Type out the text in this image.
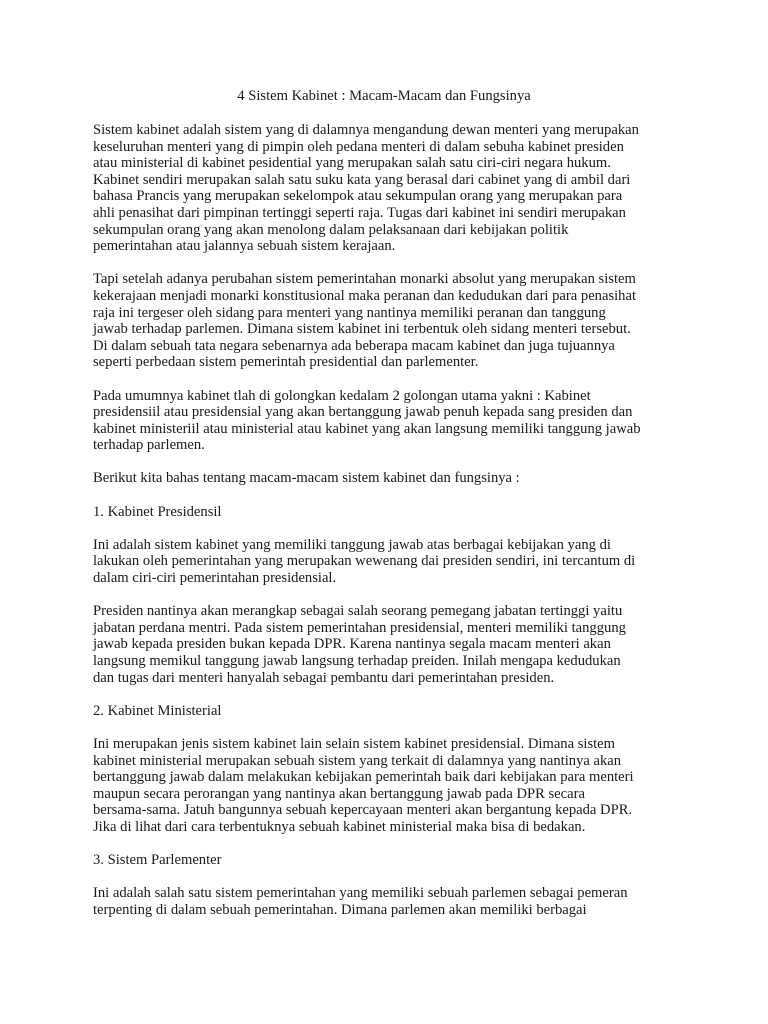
4 Sistem Kabinet : Macam-Macam dan Fungsinya

Sistem kabinet adalah sistem yang di dalamnya mengandung dewan menteri yang merupakan
keseluruhan menteri yang di pimpin oleh pedana menteri di dalam sebuha kabinet presiden
atau ministerial di kabinet pesidential yang merupakan salah satu ciri-ciri negara hukum.
Kabinet sendiri merupakan salah satu suku kata yang berasal dari cabinet yang di ambil dari
bahasa Prancis yang merupakan sekelompok atau sekumpulan orang yang merupakan para
ahli penasihat dari pimpinan tertinggi seperti raja. Tugas dari kabinet ini sendiri merupakan
sekumpulan orang yang akan menolong dalam pelaksanaan dari kebijakan politik
pemerintahan atau jalannya sebuah sistem kerajaan.

Tapi setelah adanya perubahan sistem pemerintahan monarki absolut yang merupakan sistem
kekerajaan menjadi monarki konstitusional maka peranan dan kedudukan dari para penasihat
raja ini tergeser oleh sidang para menteri yang nantinya memiliki peranan dan tanggung
jawab terhadap parlemen. Dimana sistem kabinet ini terbentuk oleh sidang menteri tersebut.
Di dalam sebuah tata negara sebenarnya ada beberapa macam kabinet dan juga tujuannya
seperti perbedaan sistem pemerintah presidential dan parlementer.

Pada umumnya kabinet tlah di golongkan kedalam 2 golongan utama yakni : Kabinet
presidensiil atau presidensial yang akan bertanggung jawab penuh kepada sang presiden dan
kabinet ministeriil atau ministerial atau kabinet yang akan langsung memiliki tanggung jawab
terhadap parlemen.

Berikut kita bahas tentang macam-macam sistem kabinet dan fungsinya :

1. Kabinet Presidensil

Ini adalah sistem kabinet yang memiliki tanggung jawab atas berbagai kebijakan yang di
lakukan oleh pemerintahan yang merupakan wewenang dai presiden sendiri, ini tercantum di
dalam ciri-ciri pemerintahan presidensial.

Presiden nantinya akan merangkap sebagai salah seorang pemegang jabatan tertinggi yaitu
jabatan perdana mentri. Pada sistem pemerintahan presidensial, menteri memiliki tanggung
jawab kepada presiden bukan kepada DPR. Karena nantinya segala macam menteri akan
langsung memikul tanggung jawab langsung terhadap preiden. Inilah mengapa kedudukan
dan tugas dari menteri hanyalah sebagai pembantu dari pemerintahan presiden.

2. Kabinet Ministerial

Ini merupakan jenis sistem kabinet lain selain sistem kabinet presidensial. Dimana sistem
kabinet ministerial merupakan sebuah sistem yang terkait di dalamnya yang nantinya akan
bertanggung jawab dalam melakukan kebijakan pemerintah baik dari kebijakan para menteri
maupun secara perorangan yang nantinya akan bertanggung jawab pada DPR secara
bersama-sama. Jatuh bangunnya sebuah kepercayaan menteri akan bergantung kepada DPR.
Jika di lihat dari cara terbentuknya sebuah kabinet ministerial maka bisa di bedakan.

3. Sistem Parlementer

Ini adalah salah satu sistem pemerintahan yang memiliki sebuah parlemen sebagai pemeran
terpenting di dalam sebuah pemerintahan. Dimana parlemen akan memiliki berbagai
